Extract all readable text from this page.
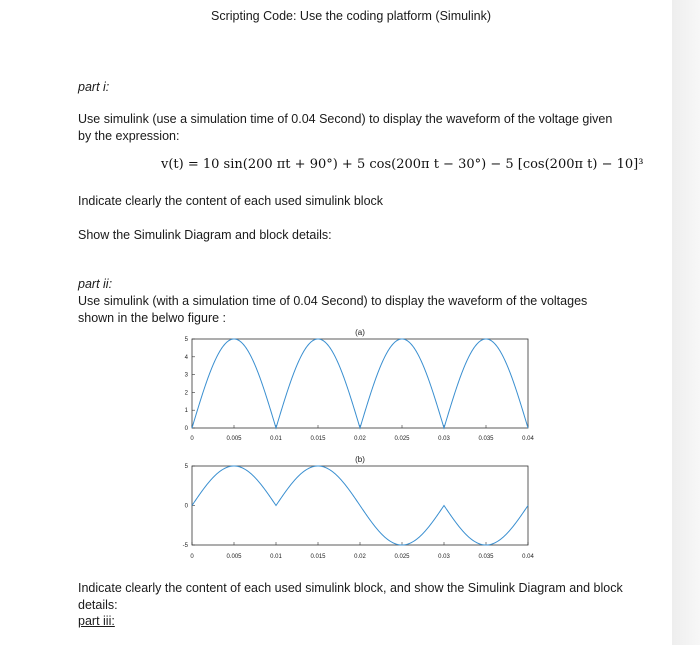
Scripting Code: Use the coding platform (Simulink)
part i:
Use simulink (use a simulation time of 0.04 Second) to display the waveform of the voltage given
by the expression:
v(t) = 10 sin(200 πt + 90°) + 5 cos(200π t − 30°) − 5 [cos(200π t) − 10]³
Indicate clearly the content of each used simulink block
Show the Simulink Diagram and block details:
part ii:
Use simulink (with a simulation time of 0.04 Second) to display the waveform of the voltages
shown in the belwo figure :
(a)
0	0.005	0.01	0.015	0.02	0.025	0.03	0.035	0.04
0
1
2
3
4
5
(b)
0	0.005	0.01	0.015	0.02	0.025	0.03	0.035	0.04
-5
0
5
Indicate clearly the content of each used simulink block, and show the Simulink Diagram and block
details:
part iii:
